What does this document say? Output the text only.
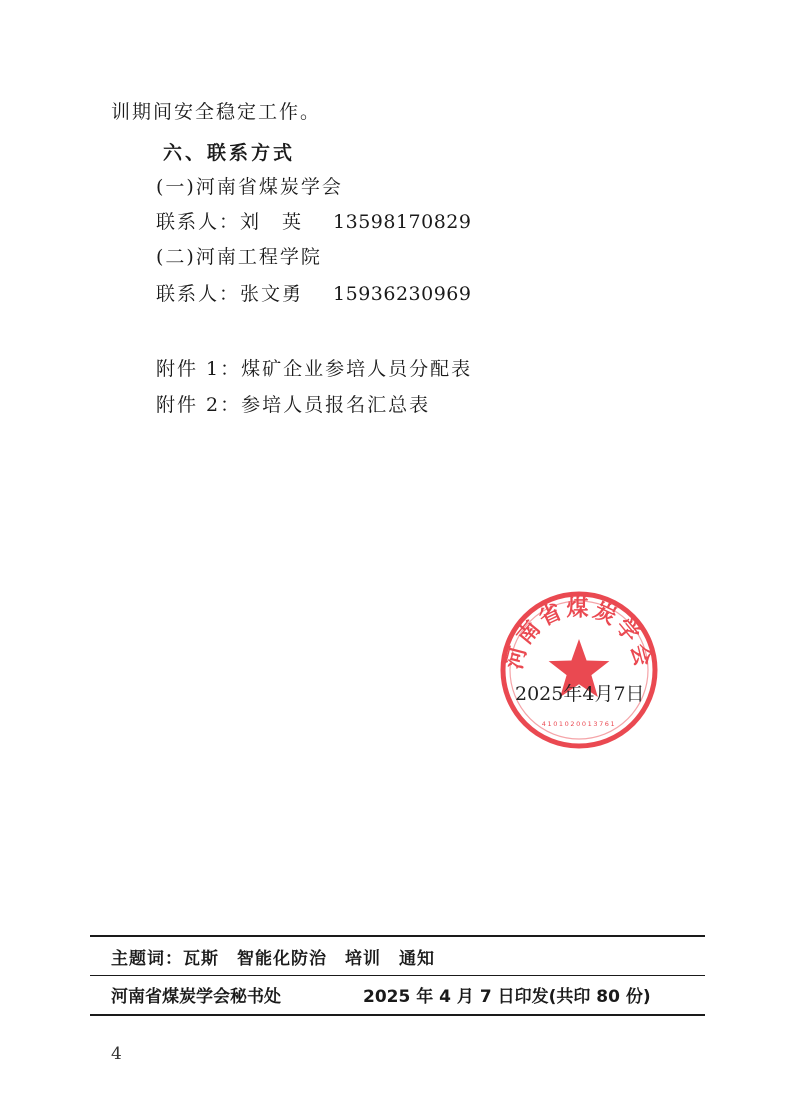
训期间安全稳定工作。
六、联系方式
(一)河南省煤炭学会
联系人：刘　英 13598170829
(二)河南工程学院
联系人：张文勇 15936230969
附件 1：煤矿企业参培人员分配表
附件 2：参培人员报名汇总表
河南省煤炭学会
4101020013761
2025年4月7日
主题词：瓦斯　智能化防治　培训　通知
河南省煤炭学会秘书处	2025 年 4 月 7 日印发(共印 80 份)
4
